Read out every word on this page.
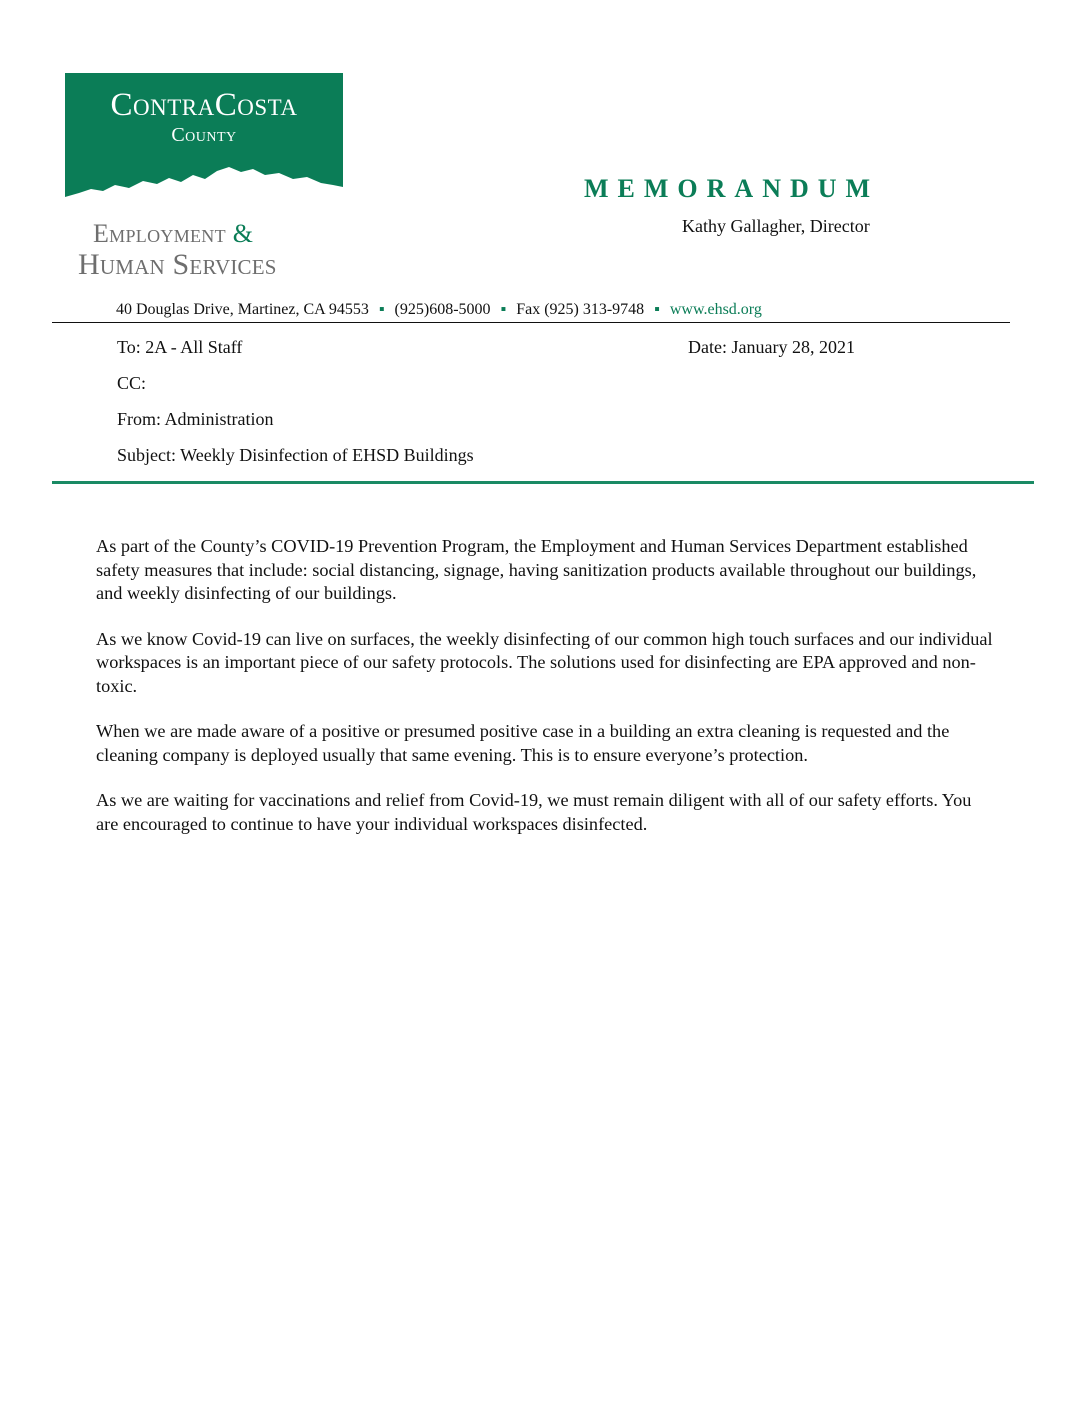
ContraCosta
County
Employment &
Human Services
MEMORANDUM
Kathy Gallagher, Director
40 Douglas Drive, Martinez, CA 94553 ▪ (925)608-5000 ▪ Fax (925) 313-9748 ▪ www.ehsd.org
To: 2A - All Staff	Date: January 28, 2021
CC:
From: Administration
Subject: Weekly Disinfection of EHSD Buildings

As part of the County’s COVID-19 Prevention Program, the Employment and Human Services Department established safety measures that include: social distancing, signage, having sanitization products available throughout our buildings, and weekly disinfecting of our buildings.

As we know Covid-19 can live on surfaces, the weekly disinfecting of our common high touch surfaces and our individual workspaces is an important piece of our safety protocols. The solutions used for disinfecting are EPA approved and non-toxic.

When we are made aware of a positive or presumed positive case in a building an extra cleaning is requested and the cleaning company is deployed usually that same evening. This is to ensure everyone’s protection.

As we are waiting for vaccinations and relief from Covid-19, we must remain diligent with all of our safety efforts. You are encouraged to continue to have your individual workspaces disinfected.
